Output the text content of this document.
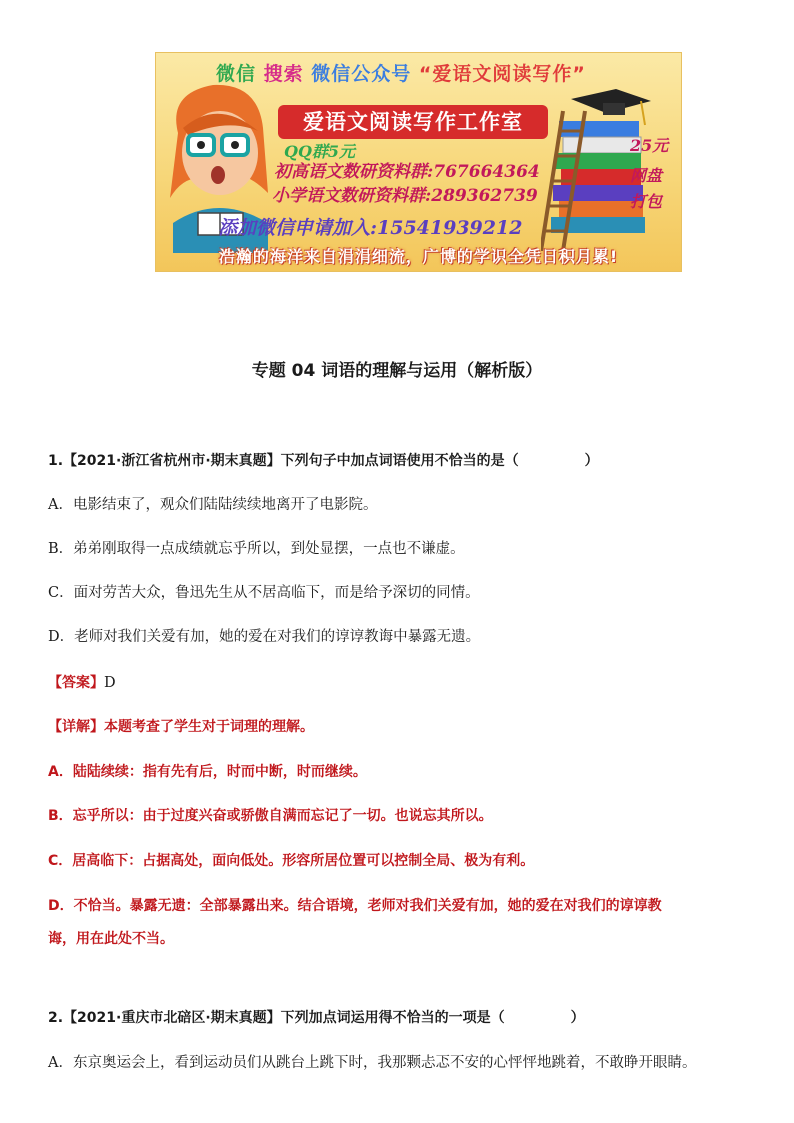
微信 搜索 微信公众号 “爱语文阅读写作”
爱语文阅读写作工作室
QQ群5元
初高语文数研资料群:767664364
小学语文数研资料群:289362739
添加微信申请加入:15541939212
25元
网盘
打包
浩瀚的海洋来自涓涓细流，广博的学识全凭日积月累!
专题 04 词语的理解与运用（解析版）
1.【2021·浙江省杭州市·期末真题】下列句子中加点词语使用不恰当的是（	）
A．电影结束了，观众们陆陆续续地离开了电影院。
B．弟弟刚取得一点成绩就忘乎所以，到处显摆，一点也不谦虚。
C．面对劳苦大众，鲁迅先生从不居高临下，而是给予深切的同情。
D．老师对我们关爱有加，她的爱在对我们的谆谆教诲中暴露无遗。
【答案】D
【详解】本题考查了学生对于词理的理解。
A．陆陆续续：指有先有后，时而中断，时而继续。
B．忘乎所以：由于过度兴奋或骄傲自满而忘记了一切。也说忘其所以。
C．居高临下：占据高处，面向低处。形容所居位置可以控制全局、极为有利。
D．不恰当。暴露无遗：全部暴露出来。结合语境，老师对我们关爱有加，她的爱在对我们的谆谆教
诲，用在此处不当。
2.【2021·重庆市北碚区·期末真题】下列加点词运用得不恰当的一项是（	）
A．东京奥运会上，看到运动员们从跳台上跳下时，我那颗忐忑不安的心怦怦地跳着，不敢睁开眼睛。
